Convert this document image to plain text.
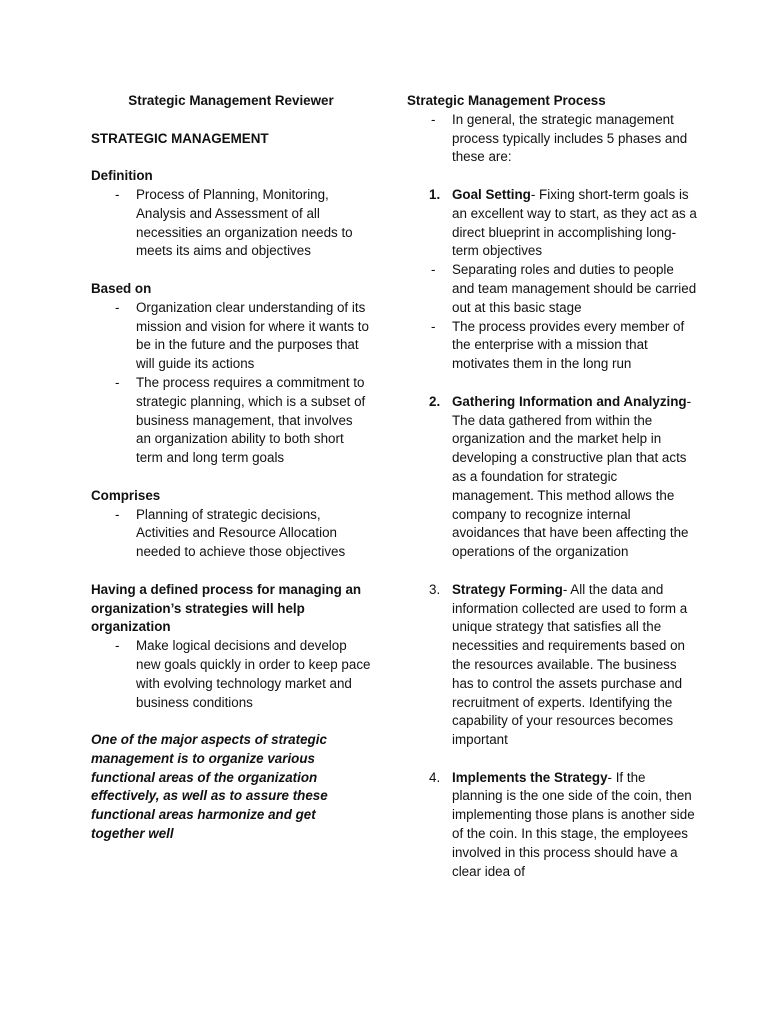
Strategic Management Reviewer

STRATEGIC MANAGEMENT

Definition

- Process of Planning, Monitoring, Analysis and Assessment of all necessities an organization needs to meets its aims and objectives

Based on

- Organization clear understanding of its mission and vision for where it wants to be in the future and the purposes that will guide its actions
- The process requires a commitment to strategic planning, which is a subset of business management, that involves an organization ability to both short term and long term goals

Comprises

- Planning of strategic decisions, Activities and Resource Allocation needed to achieve those objectives

Having a defined process for managing an organization’s strategies will help organization

- Make logical decisions and develop new goals quickly in order to keep pace with evolving technology market and business conditions

One of the major aspects of strategic management is to organize various functional areas of the organization effectively, as well as to assure these functional areas harmonize and get together well

Strategic Management Process

- In general, the strategic management process typically includes 5 phases and these are:
1. Goal Setting- Fixing short-term goals is an excellent way to start, as they act as a direct blueprint in accomplishing long-term objectives
- Separating roles and duties to people and team management should be carried out at this basic stage
- The process provides every member of the enterprise with a mission that motivates them in the long run
2. Gathering Information and Analyzing- The data gathered from within the organization and the market help in developing a constructive plan that acts as a foundation for strategic management. This method allows the company to recognize internal avoidances that have been affecting the operations of the organization
3. Strategy Forming- All the data and information collected are used to form a unique strategy that satisfies all the necessities and requirements based on the resources available. The business has to control the assets purchase and recruitment of experts. Identifying the capability of your resources becomes important
4. Implements the Strategy- If the planning is the one side of the coin, then implementing those plans is another side of the coin. In this stage, the employees involved in this process should have a clear idea of
